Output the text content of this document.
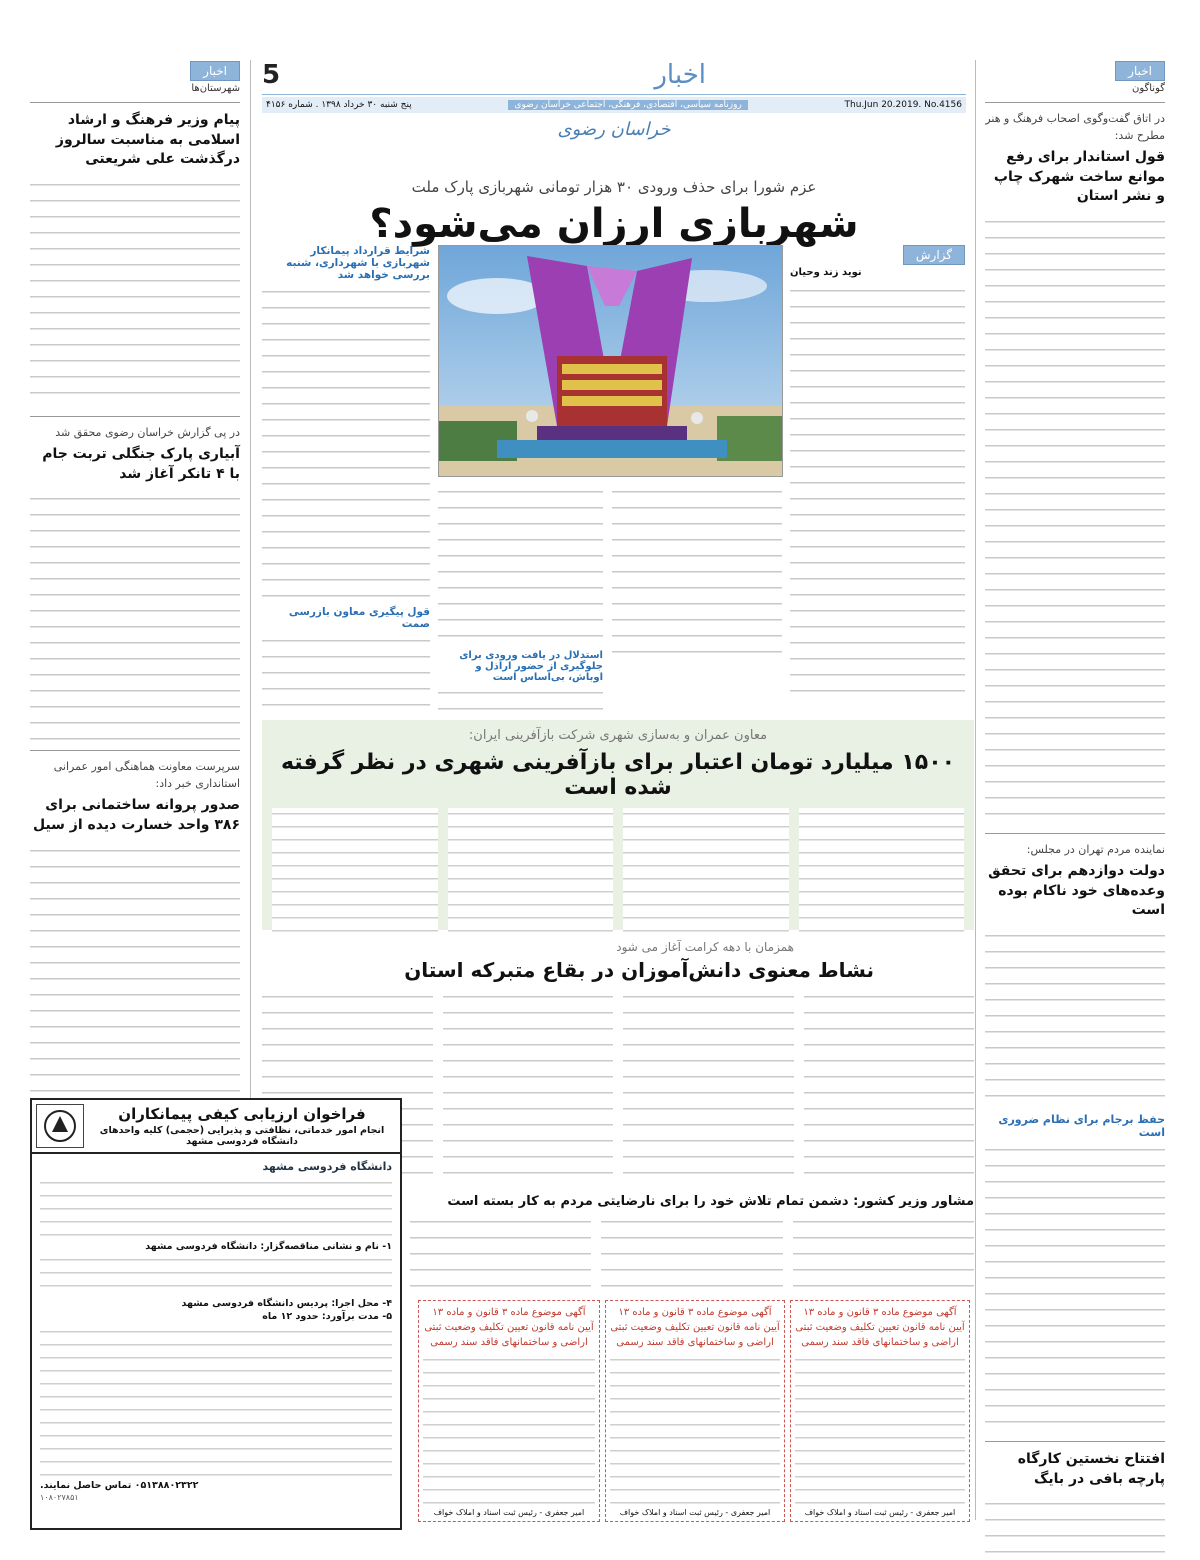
اخبار
گوناگون
در اتاق گفت‌وگوی اصحاب فرهنگ و هنر مطرح شد:
قول استاندار برای رفع موانع ساخت شهرک چاپ و نشر استان
نماینده مردم تهران در مجلس:
دولت دوازدهم برای تحقق وعده‌های خود ناکام بوده است
حفظ برجام برای نظام ضروری است
افتتاح نخستین کارگاه پارچه بافی در بایگ
اخبار
شهرستان‌ها
پیام وزیر فرهنگ و ارشاد اسلامی به مناسبت سالروز درگذشت علی شریعتی
در پی گزارش خراسان رضوی محقق شد
آبیاری پارک جنگلی تربت جام با ۴ تانکر آغاز شد
سرپرست معاونت هماهنگی امور عمرانی استانداری خبر داد:
صدور پروانه ساختمانی برای ۳۸۶ واحد خسارت دیده از سیل
اخبار
5
Thu.Jun 20.2019. No.4156
روزنامه سیاسی، اقتصادی، فرهنگی، اجتماعی خراسان رضوی
پنج شنبه ۳۰ خرداد ۱۳۹۸ . شماره ۴۱۵۶
خراسان رضوی
عزم شورا برای حذف ورودی ۳۰ هزار تومانی شهربازی پارک ملت
شهربازی ارزان می‌شود؟
گزارش
نوید زند وحیان
استدلال در یافت ورودی برای جلوگیری از حضور اراذل و اوباش، بی‌اساس است
شرایط قرارداد پیمانکار شهربازی با شهرداری، شنبه بررسی خواهد شد
قول پیگیری معاون بازرسی صمت
معاون عمران و به‌سازی شهری شرکت بازآفرینی ایران:
۱۵۰۰ میلیارد تومان اعتبار برای بازآفرینی شهری در نظر گرفته شده است
همزمان با دهه کرامت آغاز می شود
نشاط معنوی دانش‌آموزان در بقاع متبرکه استان
مشاور وزیر کشور: دشمن تمام تلاش خود را برای نارضایتی مردم به کار بسته است
فراخوان ارزیابی کیفی پیمانکاران
انجام امور خدماتی، نظافتی و پذیرایی (حجمی) کلیه واحدهای دانشگاه فردوسی مشهد
دانشگاه فردوسی مشهد
۱- نام و نشانی مناقصه‌گزار: دانشگاه فردوسی مشهد
۴- محل اجرا: پردیس دانشگاه فردوسی مشهد
۵- مدت برآورد: حدود ۱۲ ماه
۰۵۱۳۸۸۰۲۳۲۲ تماس حاصل نمایند.
۱۰۸۰۲۷۸۵۱
آگهی موضوع ماده ۳ قانون و ماده ۱۳ آیین نامه قانون تعیین تکلیف وضعیت ثبتی اراضی و ساختمانهای فاقد سند رسمی
امیر جعفری - رئیس ثبت اسناد و املاک خواف
آگهی موضوع ماده ۳ قانون و ماده ۱۳ آیین نامه قانون تعیین تکلیف وضعیت ثبتی اراضی و ساختمانهای فاقد سند رسمی
امیر جعفری - رئیس ثبت اسناد و املاک خواف
آگهی موضوع ماده ۳ قانون و ماده ۱۳ آیین نامه قانون تعیین تکلیف وضعیت ثبتی اراضی و ساختمانهای فاقد سند رسمی
امیر جعفری - رئیس ثبت اسناد و املاک خواف
